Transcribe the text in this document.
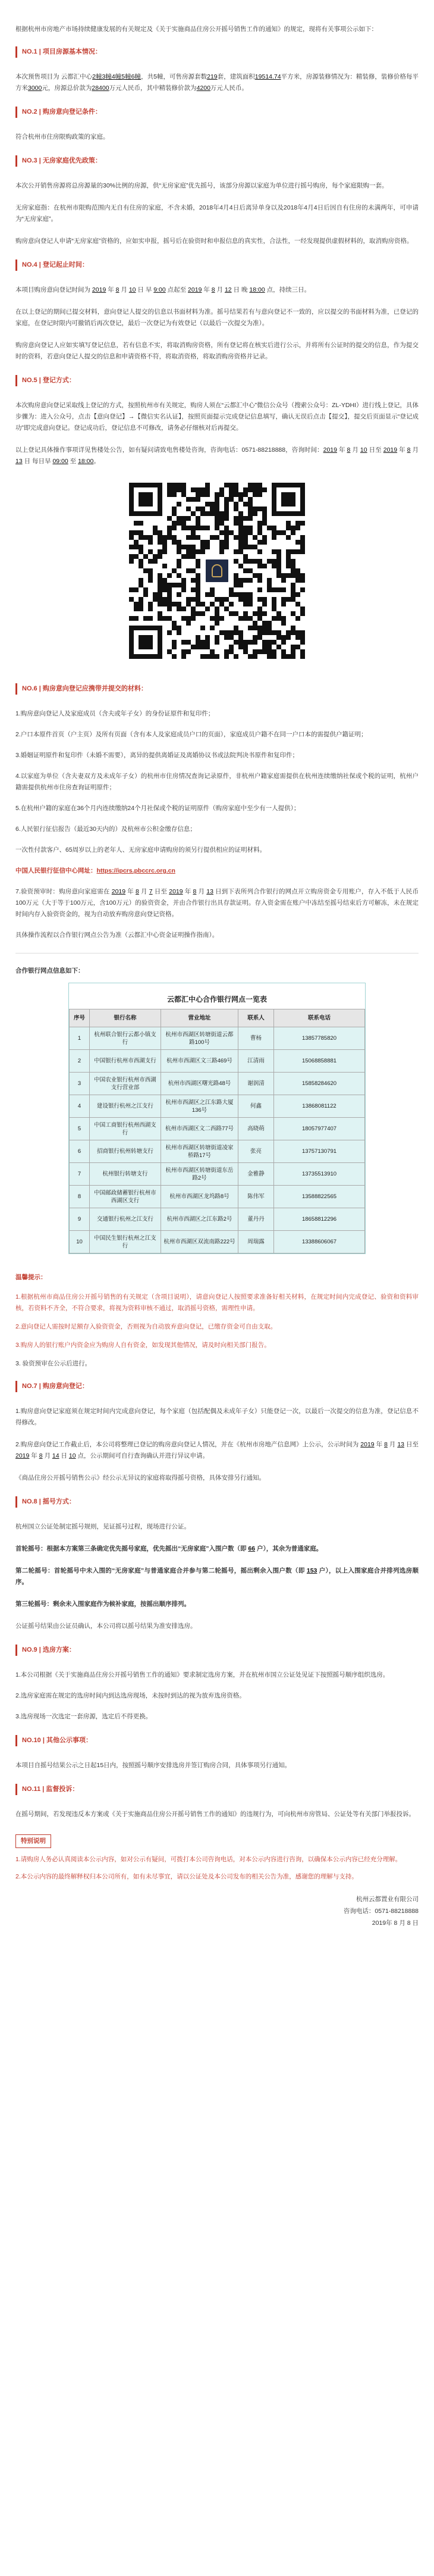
根据杭州市房地产市场持续健康发展的有关规定及《关于实施商品住房公开摇号销售工作的通知》的规定，现将有关事项公示如下：

NO.1 | 项目房源基本情况：

本次预售项目为 云都汇中心2幢3幢4幢5幢6幢，共5幢，可售房源套数219套，建筑面积19514.74平方米，房源装修情况为：精装修，装修价格每平方米3000元，房源总价款为28400万元人民币，其中精装修价款为4200万元人民币。

NO.2 | 购房意向登记条件：

符合杭州市住房限购政策的家庭。

NO.3 | 无房家庭优先政策：

本次公开销售房源将总房源量的30%比例的房源，供“无房家庭”优先摇号，该部分房源以家庭为单位进行摇号购房，每个家庭限购一套。

无房家庭指：在杭州市限购范围内无自有住房的家庭，不含未婚，2018年4月4日后离异单身以及2018年4月4日后因自有住房的未满两年，可申请为“无房家庭”。

购房意向登记人申请“无房家庭”资格的，应如实申报，摇号后在验资时和申报信息的真实性，合法性，一经发现提供虚假材料的，取消购房资格。

NO.4 | 登记起止时间：

本项目购房意向登记时间为 2019 年 8 月 10 日 早 9:00 点起至 2019 年 8 月 12 日 晚 18:00 点，持续三日。

在以上登记的期间已提交材料，意向登记人提交的信息以书面材料为准。摇号结果若有与意向登记不一致的，应以提交的书面材料为准，已登记的家庭，在登记时限内可撤销后再次登记，最后一次登记为有效登记（以最后一次提交为准）。

购房意向登记人应如实填写登记信息，若有信息不实，将取消购房资格，所有登记将在核实后进行公示，并将所有公证时的提交的信息，作为提交时的资料，若意向登记人提交的信息和申请资格不符，将取消资格，将取消购房资格并记录。

NO.5 | 登记方式：

本次购房意向登记采取线上登记的方式，按照杭州市有关规定，购房人须在“云都汇中心”微信公众号（搜索公众号：ZL-YDHI）进行线上登记，具体步骤为：进入公众号，点击【意向登记】→【微信实名认证】，按照页面提示完成登记信息填写，确认无误后点击【提交】，提交后页面显示“登记成功”即完成意向登记。登记成功后，登记信息不可修改，请务必仔细核对后再提交。

以上登记具体操作事项详见售楼处公告，如有疑问请致电售楼处咨询，咨询电话：0571-88218888，咨询时间：2019 年 8 月 10 日至 2019 年 8 月 13 日 每日早 09:00 至 18:00。

NO.6 | 购房意向登记应携带并提交的材料：

1.购房意向登记人及家庭成员（含夫或年子女）的身份证原件和复印件；

2.户口本原件首页（户主页）及所有页面（含有本人及家庭成员户口的页面），家庭成员户籍不在同一户口本的需提供户籍证明；

3.婚姻证明原件和复印件（未婚不需要），离异的提供离婚证及离婚协议书或法院判决书原件和复印件；

4.以家庭为单位（含夫妻双方及未成年子女）的杭州市住房情况查询记录原件，非杭州户籍家庭需提供在杭州连续缴纳社保或个税的证明，杭州户籍需提供杭州市住房查询证明原件；

5.在杭州户籍的家庭在36个月内连续缴纳24个月社保或个税的证明原件（购房家庭中至少有一人提供）；

6.人民银行征信报告（最近30天内的）及杭州市公积金缴存信息；

一次性付款客户、65周岁以上的老年人、无房家庭申请购房的须另行提供相应的证明材料。

中国人民银行征信中心网址：https://ipcrs.pbccrc.org.cn

7.验资预审时：购房意向家庭需在 2019 年 8 月 7 日至 2019 年 8 月 13 日到下表所列合作银行的网点开立购房资金专用账户，存入不低于人民币100万元（大于等于100万元，含100万元）的验资资金，并由合作银行出具存款证明。存入资金需在账户中冻结至摇号结束后方可解冻，未在规定时间内存入验资资金的，视为自动放弃购房意向登记资格。

具体操作流程以合作银行网点公告为准（云都汇中心资金证明操作指南）。

合作银行网点信息如下：

云都汇中心合作银行网点一览表
序号	银行名称	营业地址	联系人	联系电话
1	杭州联合银行云都小镇支行	杭州市西湖区转塘街道云都路100号	曹杨	13857785820
2	中国银行杭州市西湖支行	杭州市西湖区文三路469号	江清雨	15068858881
3	中国农业银行杭州市西湖支行营业部	杭州市西湖区曙光路48号	谢润清	15858284620
4	建设银行杭州之江支行	杭州市西湖区之江东路大厦136号	何鑫	13868081122
5	中国工商银行杭州西湖支行	杭州市西湖区文二西路77号	高晓萌	18057977407
6	招商银行杭州转塘支行	杭州市西湖区转塘街道凌家桥路17号	张亮	13757130791
7	杭州银行转塘支行	杭州市西湖区转塘街道东岳路2号	金雅静	13735513910
8	中国邮政储蓄银行杭州市西湖区支行	杭州市西湖区龙坞路8号	陈伟军	13588822565
9	交通银行杭州之江支行	杭州市西湖区之江东路2号	董丹丹	18658812296
10	中国民生银行杭州之江支行	杭州市西湖区双流南路222号	周瑞露	13388606067
温馨提示：

1.根据杭州市商品住房公开摇号销售的有关规定（含项目说明），请意向登记人按照要求准备好相关材料，在规定时间内完成登记、验资和资料审核，若资料不齐全，不符合要求，将视为资料审核不通过，取消摇号资格，需理性申请。

2.意向登记人需按时足额存入验资资金，否则视为自动放弃意向登记，已缴存资金可自由支取。

3.购房人的银行账户内资金应为购房人自有资金，如发现其他情况，请及时向相关部门报告。

3. 验资预审在公示后进行。

NO.7 | 购房意向登记：

1.购房意向登记家庭须在规定时间内完成意向登记，每个家庭（包括配偶及未成年子女）只能登记一次，以最后一次提交的信息为准，登记信息不得修改。

2.购房意向登记工作截止后，本公司将整理已登记的购房意向登记人情况，并在《杭州市房地产信息网》上公示，公示时间为 2019 年 8 月 13 日至 2019 年 8 月 14 日 10 点，公示期间可自行查询确认并进行异议申请。

《商品住房公开摇号销售公示》经公示无异议的家庭将取得摇号资格，具体安排另行通知。

NO.8 | 摇号方式：

杭州国立公证处制定摇号规则，见证摇号过程，现场进行公证。

首轮摇号：根据本方案第三条确定优先摇号家庭，优先摇出“无房家庭”入围户数（即 66 户），其余为普通家庭。

第二轮摇号：首轮摇号中未入围的“无房家庭”与普通家庭合并参与第二轮摇号，摇出剩余入围户数（即 153 户），以上入围家庭合并排列选房顺序。

第三轮摇号：剩余未入围家庭作为候补家庭，按摇出顺序排列。

公证摇号结果由公证员确认，本公司将以摇号结果为准安排选房。

NO.9 | 选房方案：

1.本公司根据《关于实施商品住房公开摇号销售工作的通知》要求制定选房方案，并在杭州市国立公证处见证下按照摇号顺序组织选房。

2.选房家庭需在规定的选房时间内到达选房现场，未按时到达的视为放弃选房资格。

3.选房现场一次选定一套房源，选定后不得更换。

NO.10 | 其他公示事项：

本项目自摇号结果公示之日起15日内，按照摇号顺序安排选房并签订购房合同，具体事项另行通知。

NO.11 | 监督投诉：

在摇号期间，若发现违反本方案或《关于实施商品住房公开摇号销售工作的通知》的违规行为，可向杭州市房管局、公证处等有关部门举报投诉。

特别说明

1.请购房人务必认真阅读本公示内容，如对公示有疑问，可拨打本公司咨询电话，对本公示内容进行咨询，以确保本公示内容已经充分理解。

2.本公示内容的最终解释权归本公司所有，如有未尽事宜，请以公证处及本公司发布的相关公告为准，感谢您的理解与支持。

杭州云都置业有限公司
咨询电话：0571-88218888
2019年 8 月 8 日
